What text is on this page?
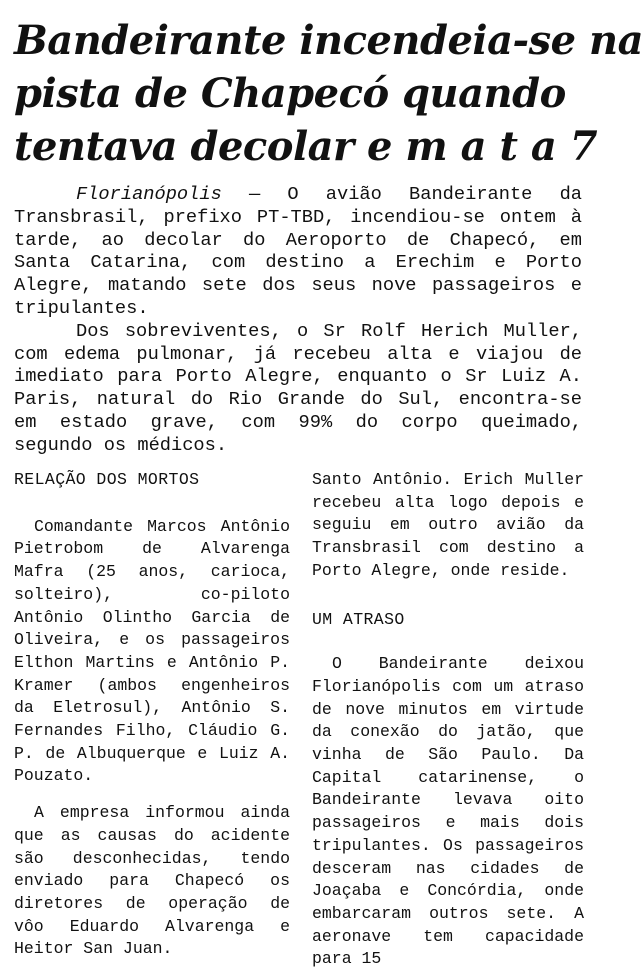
Bandeirante incendeia-se na
pista de Chapecó quando
tentava decolar e m a t a 7

Florianópolis — O avião Bandeirante da Transbrasil, prefixo PT-TBD, incendiou-se ontem à tarde, ao decolar do Aeroporto de Chapecó, em Santa Catarina, com destino a Erechim e Porto Alegre, matando sete dos seus nove passageiros e tripulantes.

Dos sobreviventes, o Sr Rolf Herich Muller, com edema pulmonar, já recebeu alta e viajou de imediato para Porto Alegre, enquanto o Sr Luiz A. Paris, natural do Rio Grande do Sul, encontra-se em estado grave, com 99% do corpo queimado, segundo os médicos.

RELAÇÃO DOS MORTOS

Comandante Marcos Antônio Pietrobom de Alvarenga Mafra (25 anos, carioca, solteiro), co-piloto Antônio Olintho Garcia de Oliveira, e os passageiros Elthon Martins e Antônio P. Kramer (ambos engenheiros da Eletrosul), Antônio S. Fernandes Filho, Cláudio G. P. de Albuquerque e Luiz A. Pouzato.

A empresa informou ainda que as causas do acidente são desconhecidas, tendo enviado para Chapecó os diretores de operação de vôo Eduardo Alvarenga e Heitor San Juan.

Santo Antônio. Erich Muller recebeu alta logo depois e seguiu em outro avião da Transbrasil com destino a Porto Alegre, onde reside.

UM ATRASO

O Bandeirante deixou Florianópolis com um atraso de nove minutos em virtude da conexão do jatão, que vinha de São Paulo. Da Capital catarinense, o Bandeirante levava oito passageiros e mais dois tripulantes. Os passageiros desceram nas cidades de Joaçaba e Concórdia, onde embarcaram outros sete. A aeronave tem capacidade para 15
